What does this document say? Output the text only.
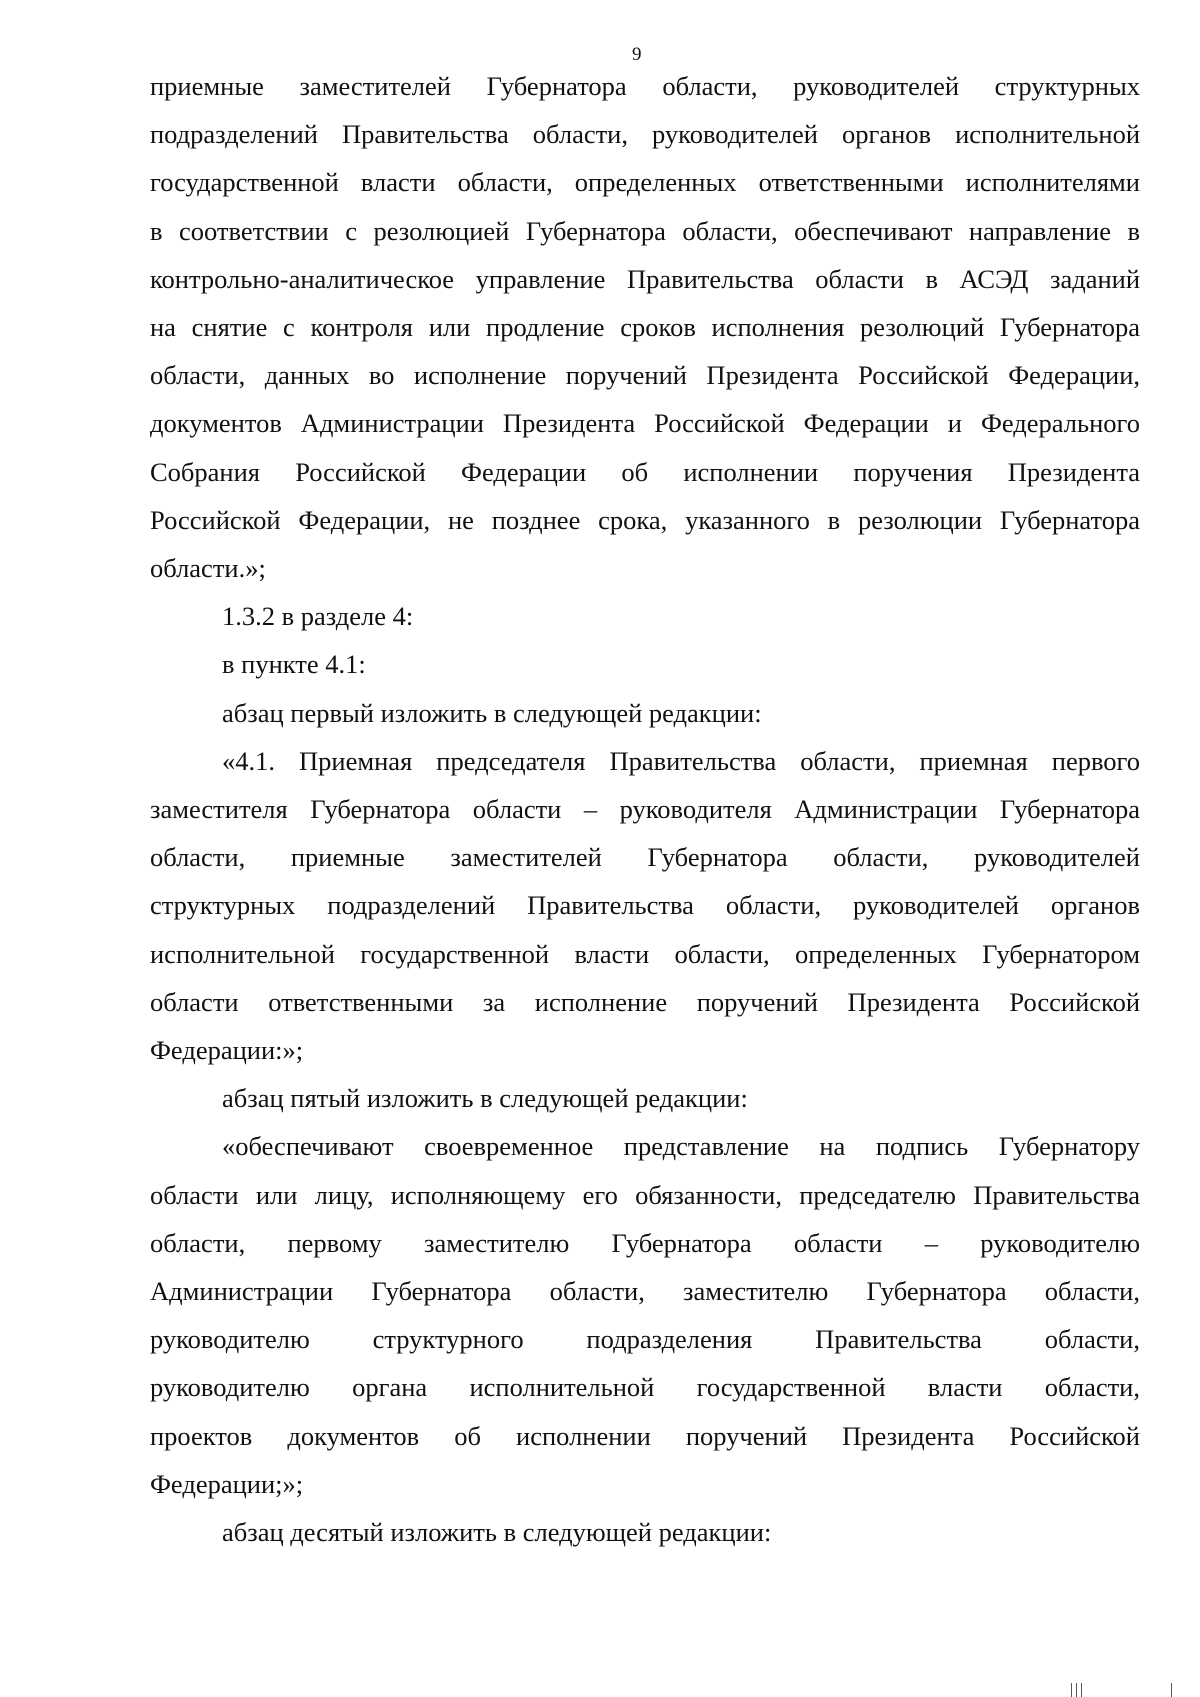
9
приемные заместителей Губернатора области, руководителей структурных
подразделений Правительства области, руководителей органов исполнительной
государственной власти области, определенных ответственными исполнителями
в соответствии с резолюцией Губернатора области, обеспечивают направление в
контрольно-аналитическое управление Правительства области в АСЭД заданий
на снятие с контроля или продление сроков исполнения резолюций Губернатора
области, данных во исполнение поручений Президента Российской Федерации,
документов Администрации Президента Российской Федерации и Федерального
Собрания Российской Федерации об исполнении поручения Президента
Российской Федерации, не позднее срока, указанного в резолюции Губернатора
области.»;
1.3.2 в разделе 4:
в пункте 4.1:
абзац первый изложить в следующей редакции:
«4.1. Приемная председателя Правительства области, приемная первого
заместителя Губернатора области – руководителя Администрации Губернатора
области, приемные заместителей Губернатора области, руководителей
структурных подразделений Правительства области, руководителей органов
исполнительной государственной власти области, определенных Губернатором
области ответственными за исполнение поручений Президента Российской
Федерации:»;
абзац пятый изложить в следующей редакции:
«обеспечивают своевременное представление на подпись Губернатору
области или лицу, исполняющему его обязанности, председателю Правительства
области, первому заместителю Губернатора области – руководителю
Администрации Губернатора области, заместителю Губернатора области,
руководителю структурного подразделения Правительства области,
руководителю органа исполнительной государственной власти области,
проектов документов об исполнении поручений Президента Российской
Федерации;»;
абзац десятый изложить в следующей редакции:
